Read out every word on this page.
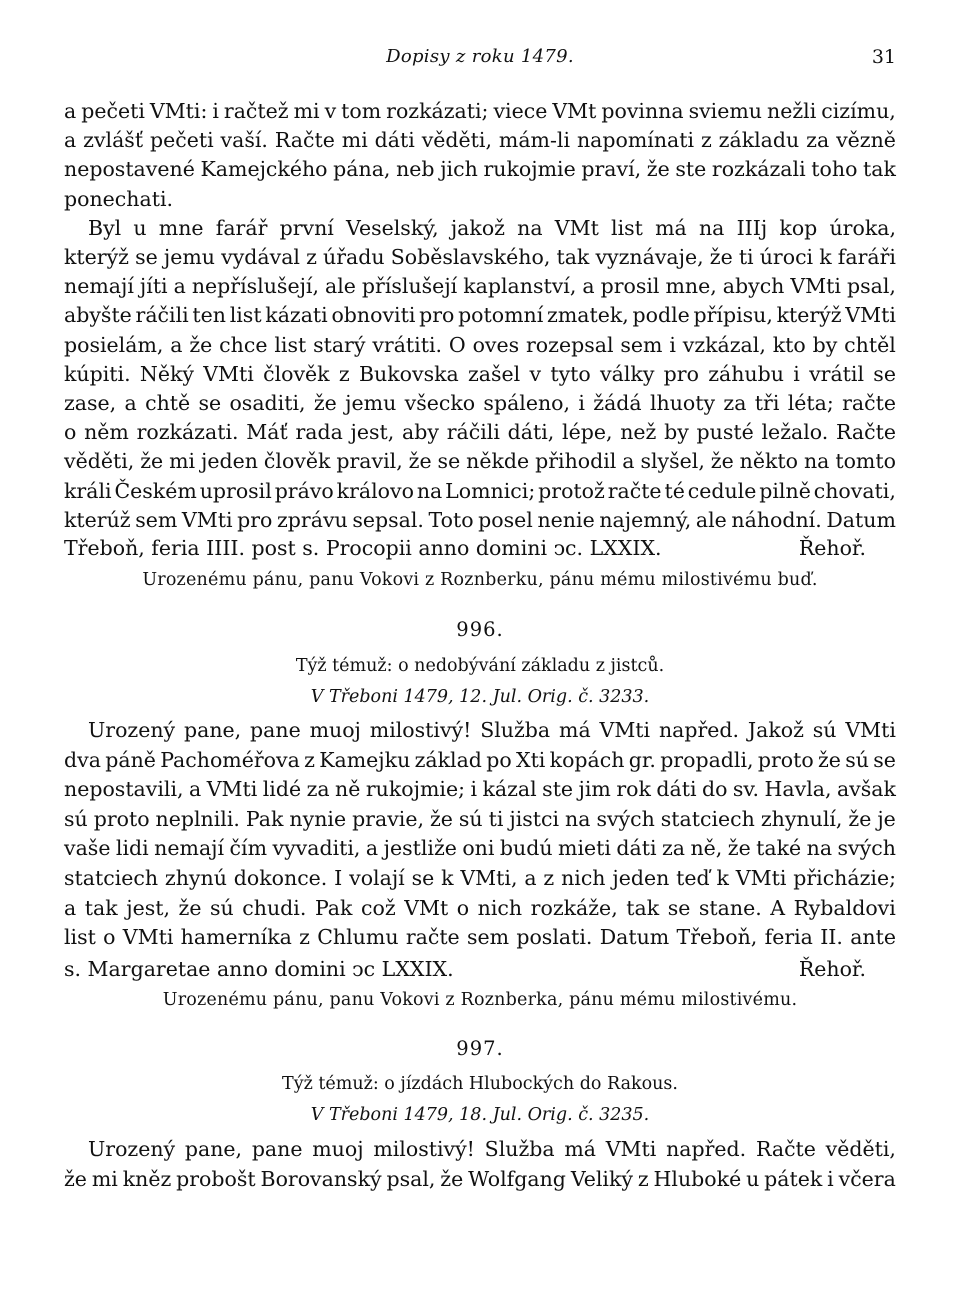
Dopisy z roku 1479.	31
a pečeti VMti: i račtež mi v tom rozkázati; viece VMt povinna sviemu nežli cizímu,
a zvlášť pečeti vaší. Račte mi dáti věděti, mám-li napomínati z základu za vězně
nepostavené Kamejckého pána, neb jich rukojmie praví, že ste rozkázali toho tak
ponechati.
Byl u mne farář první Veselský, jakož na VMt list má na IIIj kop úroka,
kterýž se jemu vydával z úřadu Soběslavského, tak vyznávaje, že ti úroci k faráři
nemají jíti a nepříslušejí, ale příslušejí kaplanství, a prosil mne, abych VMti psal,
abyšte ráčili ten list kázati obnoviti pro potomní zmatek, podle přípisu, kterýž VMti
posielám, a že chce list starý vrátiti. O oves rozepsal sem i vzkázal, kto by chtěl
kúpiti. Něký VMti člověk z Bukovska zašel v tyto války pro záhubu i vrátil se
zase, a chtě se osaditi, že jemu všecko spáleno, i žádá lhuoty za tři léta; račte
o něm rozkázati. Máť rada jest, aby ráčili dáti, lépe, než by pusté ležalo. Račte
věděti, že mi jeden člověk pravil, že se někde přihodil a slyšel, že někto na tomto
králi Českém uprosil právo královo na Lomnici; protož račte té cedule pilně chovati,
kterúž sem VMti pro zprávu sepsal. Toto posel nenie najemný, ale náhodní. Datum
Třeboň, feria IIII. post s. Procopii anno domini ↄc. LXXIX.	Řehoř.
Urozenému pánu, panu Vokovi z Roznberku, pánu mému milostivému buď.
996.
Týž témuž: o nedobývání základu z jistců.
V Třeboni 1479, 12. Jul. Orig. č. 3233.
Urozený pane, pane muoj milostivý! Služba má VMti napřed. Jakož sú VMti
dva páně Pachoméřova z Kamejku základ po Xti kopách gr. propadli, proto že sú se
nepostavili, a VMti lidé za ně rukojmie; i kázal ste jim rok dáti do sv. Havla, avšak
sú proto neplnili. Pak nynie pravie, že sú ti jistci na svých statciech zhynulí, že je
vaše lidi nemají čím vyvaditi, a jestliže oni budú mieti dáti za ně, že také na svých
statciech zhynú dokonce. I volají se k VMti, a z nich jeden teď k VMti přicházie;
a tak jest, že sú chudi. Pak což VMt o nich rozkáže, tak se stane. A Rybaldovi
list o VMti hamerníka z Chlumu račte sem poslati. Datum Třeboň, feria II. ante
s. Margaretae anno domini ↄc LXXIX.	Řehoř.
Urozenému pánu, panu Vokovi z Roznberka, pánu mému milostivému.
997.
Týž témuž: o jízdách Hlubockých do Rakous.
V Třeboni 1479, 18. Jul. Orig. č. 3235.
Urozený pane, pane muoj milostivý! Služba má VMti napřed. Račte věděti,
že mi kněz probošt Borovanský psal, že Wolfgang Veliký z Hluboké u pátek i včera
